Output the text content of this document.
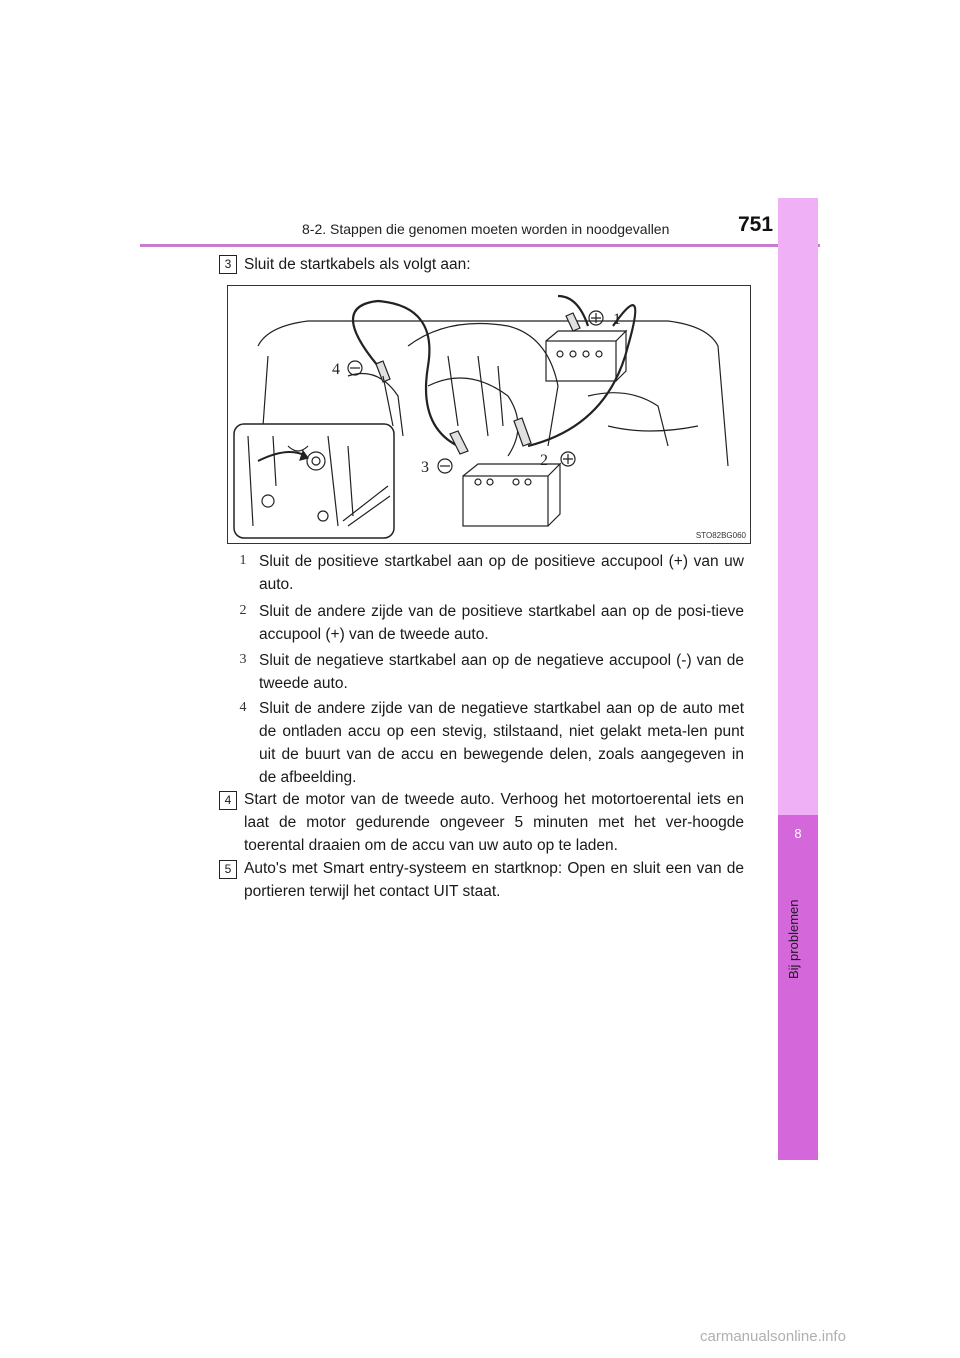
8-2. Stappen die genomen moeten worden in noodgevallen	751
8
Bij problemen
3 Sluit de startkabels als volgt aan:
1
2
3
4
STO82BG060
1 Sluit de positieve startkabel aan op de positieve accupool (+) van uw auto.
2 Sluit de andere zijde van de positieve startkabel aan op de posi-tieve accupool (+) van de tweede auto.
3 Sluit de negatieve startkabel aan op de negatieve accupool (-) van de tweede auto.
4 Sluit de andere zijde van de negatieve startkabel aan op de auto met de ontladen accu op een stevig, stilstaand, niet gelakt meta-len punt uit de buurt van de accu en bewegende delen, zoals aangegeven in de afbeelding.
4 Start de motor van de tweede auto. Verhoog het motortoerental iets en laat de motor gedurende ongeveer 5 minuten met het ver-hoogde toerental draaien om de accu van uw auto op te laden.
5 Auto's met Smart entry-systeem en startknop: Open en sluit een van de portieren terwijl het contact UIT staat.
carmanualsonline.info
